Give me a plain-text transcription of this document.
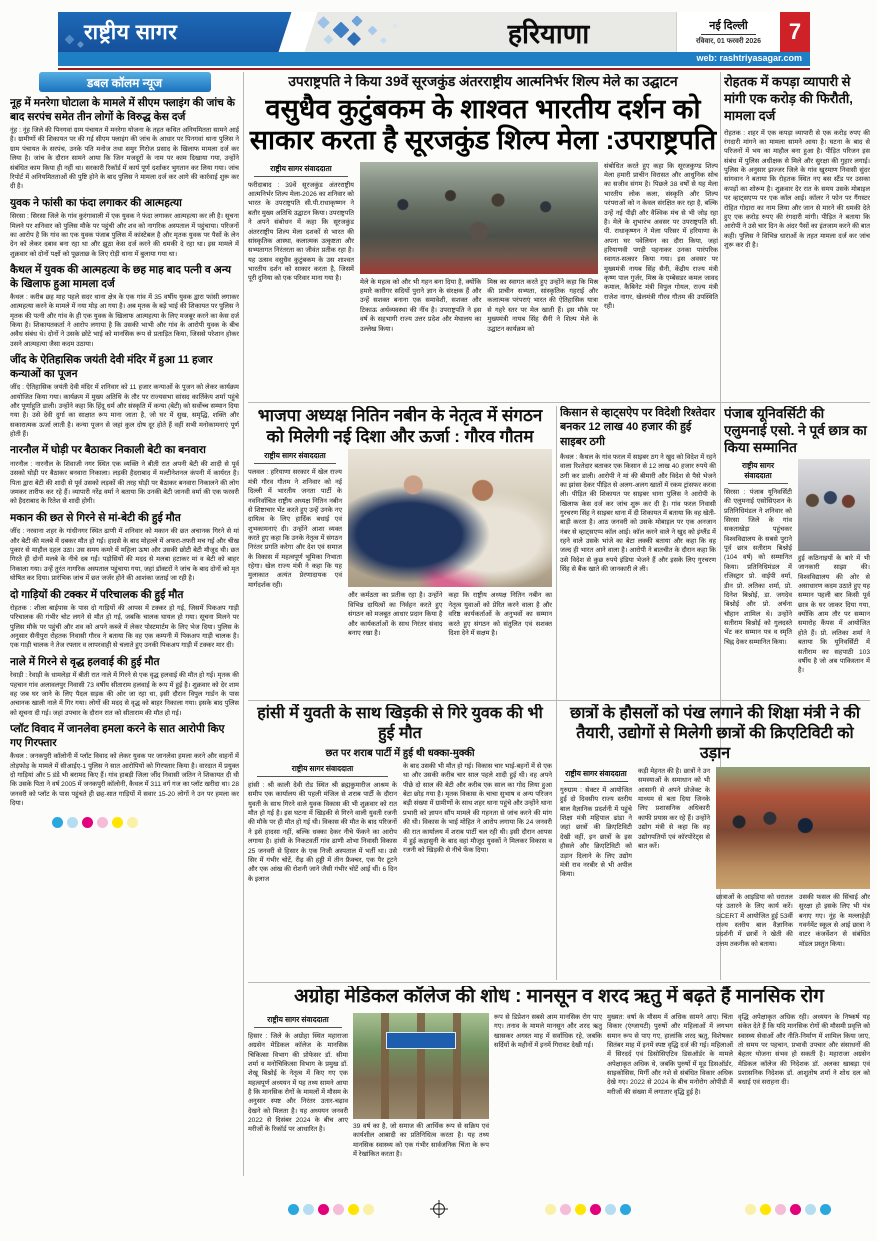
राष्ट्रीय सागर	हरियाणा	नई दिल्ली
रविवार, 01 फरवरी 2026	7
web: rashtriyasagar.com
डबल कॉलम न्यूज
नूह में मनरेगा घोटाला के मामले में सीएम फ्लाइंग की जांच के बाद सरपंच समेत तीन लोगों के विरुद्ध केस दर्ज

नूंह : नूंह जिले की पिनगवां ग्राम पंचायत में मनरेगा योजना के तहत कथित अनियमितता सामने आई है। ग्रामीणों की शिकायत पर की गई सीएम फ्लाइंग की जांच के आधार पर पिनगवां थाना पुलिस ने ग्राम पंचायत के सरपंच, उनके पति मनोज तथा समुर गिरोज प्रसाद के खिलाफ मामला दर्ज कर लिया है। जांच के दौरान सामने आया कि जिन मजदूरों के नाम पर काम दिखाया गया, उन्होंने संबंधित काम किया ही नहीं था। सरकारी रिकॉर्ड में कार्य पूर्ण दर्शाकर भुगतान कर लिया गया। जांच रिपोर्ट में अनियमितताओं की पुष्टि होने के बाद पुलिस ने मामला दर्ज कर आगे की कार्रवाई शुरू कर दी है।

युवक ने फांसी का फंदा लगाकर की आत्महत्या

सिरसा : सिरसा जिले के गांव कुरंगावाली में एक युवक ने फंदा लगाकर आत्महत्या कर ली है। सूचना मिलने पर शनिवार को पुलिस मौके पर पहुंची और शव को नागरिक अस्पताल में पहुंचाया। परिजनों का आरोप है कि गांव का एक युवक पंजाब पुलिस में कांस्टेबल है और मृतक युवक पर पैसों के लेन देन को लेकर दबाव बना रहा था और झूठा केस दर्ज करने की धमकी दे रहा था। इस मामले में शुक्रवार को दोनों पक्षों को पूछताछ के लिए रोड़ी थाना में बुलाया गया था।

कैथल में युवक की आत्महत्या के छह माह बाद पत्नी व अन्य के खिलाफ हुआ मामला दर्ज

कैथल : करीब छह माह पहले सदर थाना क्षेत्र के एक गांव में 35 वर्षीय युवक द्वारा फांसी लगाकर आत्महत्या करने के मामले में नया मोड़ आ गया है। अब मृतक के बड़े भाई की शिकायत पर पुलिस ने मृतक की पत्नी और गांव के ही एक युवक के खिलाफ आत्महत्या के लिए मजबूर करने का केस दर्ज किया है। शिकायतकर्ता ने आरोप लगाया है कि उसकी भाभी और गांव के आरोपी युवक के बीच अवैध संबंध थे। दोनों ने उसके छोटे भाई को मानसिक रूप से प्रताड़ित किया, जिससे परेशान होकर उसने आत्महत्या जैसा कदम उठाया।

जींद के ऐतिहासिक जयंती देवी मंदिर में हुआ 11 हजार कन्याओं का पूजन

जींद : ऐतिहासिक जयंती देवी मंदिर में शनिवार को 11 हजार कन्याओं के पूजन को लेकर कार्यक्रम आयोजित किया गया। कार्यक्रम में मुख्य अतिथि के तौर पर राज्यसभा सांसद कार्तिकेय शर्मा पहुंचे और पूर्णाहुति डाली। उन्होंने कहा कि हिंदू धर्म और संस्कृति में कन्या (बेटी) को सर्वोच्च सम्मान दिया गया है। उसे देवी दुर्गा का साक्षात रूप माना जाता है, जो घर में सुख, समृद्धि, शक्ति और सकारात्मक ऊर्जा लाती है। कन्या पूजन से जहां कुल दोष दूर होते हैं वहीं सभी मनोकामनाएं पूर्ण होती हैं।

नारनौल में घोड़ी पर बैठाकर निकाली बेटी का बनवारा

नारनौल : नारनौल के शिवाजी नगर स्थित एक व्यक्ति ने बीती रात अपनी बेटी की शादी से पूर्व उसको घोड़ी पर बैठाकर बनवारा निकाला। लड़की हैदराबाद में मल्टीनेशनल कंपनी में कार्यरत है। पिता द्वारा बेटी की शादी से पूर्व उसको लड़कों की तरह घोड़ी पर बैठाकर बनवारा निकालने की लोग जमकर तारीफ कर रहे हैं। व्यापारी नरेंद्र वर्मा ने बताया कि उनकी बेटी जानवी वर्मा की एक फरवरी को हैदराबाद के रितेश से शादी होगी।

मकान की छत से गिरने से मां-बेटी की हुई मौत

जींद : नरवाना शहर के गांधीनगर स्थित ढाणी में शनिवार को मकान की छत अचानक गिरने से मां और बेटी की मलबे में दबकर मौत हो गई। हादसे के बाद मोहल्ले में अफरा-तफरी मच गई और चीख पुकार से माहौल दहल उठा। उस समय कमरे में महिला ऊषा और उसकी छोटी बेटी मौजूद थी। छत गिरते ही दोनों मलबे के नीचे दब गईं। पड़ोसियों की मदद से मलबा हटाकर मां व बेटी को बाहर निकाला गया। उन्हें तुरंत नागरिक अस्पताल पहुंचाया गया, जहां डॉक्टरों ने जांच के बाद दोनों को मृत घोषित कर दिया। प्रारंभिक जांच में छत जर्जर होने की आशंका जताई जा रही है।

दो गाड़ियों की टक्कर में परिचालक की हुई मौत

रोहतक : शीला बाईपास के पास दो गाड़ियों की आपस में टक्कर हो गई, जिसमें पिकअप गाड़ी परिचालक की गंभीर चोट लगने से मौत हो गई, जबकि चालक घायल हो गया। सूचना मिलने पर पुलिस मौके पर पहुंची और शव को अपने कब्जे में लेकर पोस्टमार्टम के लिए भेज दिया। पुलिस के अनुसार सैनीपुरा रोहतक निवासी गौरव ने बताया कि वह एक कम्पनी में पिकअप गाड़ी चालक है। एक गाड़ी चालक ने तेज रफ्तार व लापरवाही से चलाते हुए उनकी पिकअप गाड़ी में टक्कर मार दी।

नाले में गिरने से वृद्ध हलवाई की हुई मौत

रेवाड़ी : रेवाड़ी के धामलेड़ा में बीती रात नाले में गिरने से एक वृद्ध हलवाई की मौत हो गई। मृतक की पहचान गांव अलावलपुर निवासी 73 वर्षीय सीताराम हलवाई के रूप में हुई है। शुक्रवार को देर शाम वह जब घर जाने के लिए पैदल सड़क की ओर जा रहा था, इसी दौरान विपुल गार्डन के पास अचानक खाली नाले में गिर गया। लोगों की मदद से वृद्ध को बाहर निकाला गया। इसके बाद पुलिस को सूचना दी गई। जहां उपचार के दौरान रात को सीताराम की मौत हो गई।

प्लॉट विवाद में जानलेवा हमला करने के सात आरोपी किए गए गिरफ्तार

कैथल : जनकपुरी कॉलोनी में प्लॉट विवाद को लेकर युवक पर जानलेवा हमला करने और वाहनों में तोड़फोड़ के मामले में सीआईए-1 पुलिस ने सात आरोपियों को गिरफ्तार किया है। वारदात में प्रयुक्त दो गाड़ियां और 5 डंडे भी बरामद किए हैं। गांव हाबड़ी जिला जींद निवासी जतिन ने शिकायत दी थी कि उसके पिता ने वर्ष 2005 में जनकपुरी कॉलोनी, कैथल में 311 वर्ग गज का प्लॉट खरीदा था। 28 जनवरी को प्लॉट के पास पहुंचते ही छह-सात गाड़ियों में सवार 15-20 लोगों ने उन पर हमला कर दिया।

उपराष्ट्रपति ने किया 39वें सूरजकुंड अंतरराष्ट्रीय आत्मनिर्भर शिल्प मेले का उद्घाटन
वसुधैव कुटुंबकम के शाश्वत भारतीय दर्शन को साकार करता है सूरजकुंड शिल्प मेला :उपराष्ट्रपति
राष्ट्रीय सागर संवाददाता

फरीदाबाद : 39वें सूरजकुंड अंतरराष्ट्रीय आत्मनिर्भर शिल्प मेला-2026 का शनिवार को भारत के उपराष्ट्रपति सी.पी.राधाकृष्णन ने बतौर मुख्य अतिथि उद्घाटन किया। उपराष्ट्रपति ने अपने संबोधन में कहा कि सूरजकुंड अंतरराष्ट्रीय शिल्प मेला दशकों से भारत की सांस्कृतिक आस्था, कलात्मक उत्कृष्टता और सभ्यतागत निरंतरता का जीवंत प्रतीक रहा है। यह उत्सव वसुधैव कुटुंबकम के उस शाश्वत भारतीय दर्शन को साकार करता है, जिसमें पूरी दुनिया को एक परिवार माना गया है।	मेले के महत्व को और भी गहन बना दिया है, क्योंकि हमारे कारीगर सदियों पुराने ज्ञान के संरक्षक हैं और उन्हें सशक्त बनाना एक समावेशी, सशक्त और टिकाऊ अर्थव्यवस्था की नींव है। उपराष्ट्रपति ने इस वर्ष के सहभागी राज्य उत्तर प्रदेश और मेघालय का उल्लेख किया।

मिस्र का स्वागत करते हुए उन्होंने कहा कि मिस्र की प्राचीन सभ्यता, सांस्कृतिक गहराई और कलात्मक परंपराएं भारत की ऐतिहासिक यात्रा से गहरे स्तर पर मेल खाती हैं। इस मौके पर मुख्यमंत्री नायब सिंह सैनी ने शिल्प मेले के उद्घाटन कार्यक्रम को

संबोधित करते हुए कहा कि सूरजकुण्ड शिल्प मेला हमारी प्राचीन विरासत और आधुनिक सोच का सजीव संगम है। पिछले 38 वर्षों से यह मेला भारतीय लोक कला, संस्कृति और शिल्प परंपराओं को न केवल संरक्षित कर रहा है, बल्कि उन्हें नई पीढ़ी और वैश्विक मंच से भी जोड़ रहा है। मेले के शुभारंभ अवसर पर उपराष्ट्रपति सी. पी. राधाकृष्णन ने मेला परिसर में हरियाणा के अपना घर पवेलियन का दौरा किया, जहां हरियाणवी पगड़ी पहनाकर उनका पारंपरिक स्वागत-सत्कार किया गया। इस अवसर पर मुख्यमंत्री नायब सिंह सैनी, केंद्रीय राज्य मंत्री कृष्ण पाल गुर्जर, मिस्र के एम्बेसडर कमल जावद कमाल, कैबिनेट मंत्री विपुल गोयल, राज्य मंत्री राजेश नागर, खेलमंत्री गौरव गौतम की उपस्थिति रही।

रोहतक में कपड़ा व्यापारी से मांगी एक करोड़ की फिरौती, मामला दर्ज

रोहतक : शहर में एक कपड़ा व्यापारी से एक करोड़ रुपए की रंगदारी मांगने का मामला सामने आया है। घटना के बाद से परिजनों में भय का माहौल बना हुआ है। पीड़ित परिजन इस संबंध में पुलिस अधीक्षक से मिले और सुरक्षा की गुहार लगाई। पुलिस के अनुसार झज्जर जिले के गांव खुरमाण निवासी सुंदर सांगवान ने बताया कि रोहतक स्थित नए बस स्टैंड पर उसका कपड़ों का शोरूम है। शुक्रवार देर रात के समय उसके मोबाइल पर व्हाट्सएप्प पर एक कॉल आई। कॉलर ने फोन पर गैंगस्टर रोहित गोदारा का नाम लिया और जान से मारने की धमकी देते हुए एक करोड़ रुपए की रंगदारी मांगी। पीड़ित ने बताया कि आरोपी ने उसे चार दिन के अंदर पैसों का इंतजाम करने की बात कही। पुलिस ने विभिन्न धाराओं के तहत मामला दर्ज कर जांच शुरू कर दी है।

भाजपा अध्यक्ष नितिन नबीन के नेतृत्व में संगठन को मिलेगी नई दिशा और ऊर्जा : गौरव गौतम
राष्ट्रीय सागर संवाददाता

पलवल : हरियाणा सरकार में खेल राज्य मंत्री गौरव गौतम ने शनिवार को नई दिल्ली में भारतीय जनता पार्टी के नवनिर्वाचित राष्ट्रीय अध्यक्ष नितिन नबीन से शिष्टाचार भेंट करते हुए उन्हें उनके नए दायित्व के लिए हार्दिक बधाई एवं शुभकामनाएं दी। उन्होंने आशा व्यक्त करते हुए कहा कि उनके नेतृत्व में संगठन निरंतर प्रगति करेगा और देश एवं समाज के विकास में महत्वपूर्ण भूमिका निभाता रहेगा। खेल राज्य मंत्री ने कहा कि यह मुलाकात अत्यंत प्रेरणादायक एवं मार्गदर्शक रही।

और कर्मठता का प्रतीक रहा है। उन्होंने विभिन्न दायित्वों का निर्वहन करते हुए संगठन को मजबूत आधार प्रदान किया है और कार्यकर्ताओं के साथ निरंतर संवाद बनाए रखा है।

कहा कि राष्ट्रीय अध्यक्ष नितिन नबीन का नेतृत्व युवाओं को प्रेरित करने वाला है और वरिष्ठ कार्यकर्ताओं के अनुभवों का सम्मान करते हुए संगठन को संतुलित एवं सशक्त दिशा देने में सक्षम है।

किसान से व्हाट्सऐप पर विदेशी रिश्तेदार बनकर 12 लाख 40 हजार की हुई साइबर ठगी

कैथल : कैथल के गांव फरल में साइबर ठग ने खुद को विदेश में रहने वाला रिश्तेदार बताकर एक किसान से 12 लाख 40 हजार रुपये की ठगी कर डाली। आरोपी ने मां की बीमारी और विदेश से पैसे भेजने का झांसा देकर पीड़ित से अलग-अलग खातों में रकम ट्रांसफर करवा ली। पीड़ित की शिकायत पर साइबर थाना पुलिस ने आरोपी के खिलाफ केस दर्ज कर जांच शुरू कर दी है। गांव फरल निवासी गुरचरण सिंह ने साइबर थाना में दी शिकायत में बताया कि वह खेती-बाड़ी करता है। आठ जनवरी को उसके मोबाइल पर एक अनजान नंबर से व्हाट्सएप्प कॉल आई। कॉल करने वाले ने खुद को इंग्लैंड में रहने वाले उसके भांजे का बेटा लक्की बताया और कहा कि वह जल्द ही भारत आने वाला है। आरोपी ने बातचीत के दौरान कहा कि उसे विदेश से कुछ रुपये इंडिया भेजने हैं और इसके लिए गुरचरण सिंह से बैंक खाते की जानकारी ले ली।

पंजाब यूनिवर्सिटी की एलुमनाई एसो. ने पूर्व छात्र का किया सम्मानित
राष्ट्रीय सागर संवाददाता

सिरसा : पंजाब यूनिवर्सिटी की एलुमनाई एसोसिएशन के प्रतिनिधिमंडल ने शनिवार को सिरसा जिले के गांव सकताखेड़ा पहुंचकर विश्वविद्यालय के सबसे पुराने पूर्व छात्र सतीराम बिश्नोई (104 वर्ष) को सम्मानित किया। प्रतिनिधिमंडल में रजिस्ट्रार प्रो. वाईपी वर्मा, डीन प्रो. लतिका शर्मा, प्रो. दिनेश बिश्नोई, डा. जगदेव बिश्नोई और प्रो. अर्चना चौहान शामिल थे। उन्होंने सतीराम बिश्नोई को गुलदस्ते भेंट कर सम्मान पत्र व स्मृति चिह्न देकर सम्मानित किया।

हुई कठिनाइयों के बारे में भी जानकारी साझा की। विश्वविद्यालय की ओर से असाधारण कदम उठाते हुए यह सम्मान पहली बार किसी पूर्व छात्र के घर जाकर दिया गया, क्योंकि आम तौर पर सम्मान समारोह कैंपस में आयोजित होते हैं। प्रो. लतिका शर्मा ने बताया कि यूनिवर्सिटी में सतीराम का सहपाठी 103 वर्षीय है जो अब पाकिस्तान में है।

हांसी में युवती के साथ खिड़की से गिरे युवक की भी हुई मौत
छत पर शराब पार्टी में हुई थी धक्का-मुक्की
राष्ट्रीय सागर संवाददाता

हांसी : श्री काली देवी रोड स्थित श्री ब्रह्मकुमारीज आश्रम के समीप एक कार्यालय की पहली मंजिल से शराब पार्टी के दौरान युवती के साथ गिरने वाले युवक विकास की भी शुक्रवार को रात मौत हो गई है। इस घटना में खिड़की से गिरने वाली युवती रजनी की मौके पर ही मौत हो गई थी। विकास की मौत के बाद परिजनों ने इसे हादसा नहीं, बल्कि धक्का देकर नीचे फेंकने का आरोप लगाया है। हांसी के निकटवर्ती गांव ढाणी शोभा निवासी विकास 25 जनवरी से हिसार के एक निजी अस्पताल में भर्ती था। उसे सिर में गंभीर चोटें, रीढ़ की हड्डी में तीन फ्रैक्चर, एक पैर टूटने और एक आंख की रोशनी जाने जैसी गंभीर चोटें आई थीं। 6 दिन के इलाज

के बाद उसकी भी मौत हो गई। विकास चार भाई-बहनों में से एक था और उसकी करीब चार साल पहले शादी हुई थी। वह अपने पीछे दो साल की बेटी और करीब एक साल का गोद लिया हुआ बेटा छोड़ गया है। मृतक विकास के चाचा सुभाष व अन्य परिजन बड़ी संख्या में ग्रामीणों के साथ शहर थाना पहुंचे और उन्होंने थाना प्रभारी को ज्ञापन सौंप मामले की गहनता से जांच करने की मांग की थी। विकास के भाई मोहित ने आरोप लगाया कि 24 जनवरी की रात कार्यालय में शराब पार्टी चल रही थी। इसी दौरान आपस में हुई कहासुनी के बाद वहां मौजूद युवकों ने मिलकर विकास व रजनी को खिड़की से नीचे फेंक दिया।

छात्रों के हौसलों को पंख लगाने की शिक्षा मंत्री ने की तैयारी, उद्योगों से मिलेगी छात्रों की क्रिएटिविटी को उड़ान
राष्ट्रीय सागर संवाददाता

गुरुग्राम : सेक्टर में आयोजित हुई दो दिवसीय राज्य स्तरीय बाल वैज्ञानिक प्रदर्शनी में पहुंचे शिक्षा मंत्री महिपाल ढांडा ने जहां छात्रों की क्रिएटिविटी देखी वहीं, इन छात्रों के इस हौसले और क्रिएटिविटी को उड़ान दिलाने के लिए उद्योग मंत्री राव नरबीर से भी अपील किया।

कड़ी मेहनत की है। छात्रों ने उन समस्याओं के समाधान को भी आसानी से अपने प्रोजेक्ट के माध्यम से बता दिया जिनके लिए प्रशासनिक अधिकारी काफी प्रयास कर रहे हैं। उन्होंने उद्योग मंत्री से कहा कि वह उद्योगपतियों एवं कॉरपोरेट्स से बात करें।

छात्राओं के आइडिया को धरातल पर उतारने के लिए कार्य करें। SCERT में आयोजित हुई 53वीं राज्य स्तरीय बाल वैज्ञानिक प्रदर्शनी में छात्रों ने खेती की उत्तम तकनीक को बताया।

उसकी फसल की सिंचाई और सुरक्षा हो इसके लिए भी यंत्र बनाए गए। नूंह के मल्लाहेड़ी गवर्नमेंट स्कूल से आई छात्रा ने वाटर कंजर्वेशन से संबंधित मॉडल प्रस्तुत किया।

अग्रोहा मेडिकल कॉलेज की शोध : मानसून व शरद ऋतु में बढ़ते हैं मानसिक रोग
राष्ट्रीय सागर संवाददाता

हिसार : जिले के अग्रोहा स्थित महाराजा अग्रसेन मेडिकल कॉलेज के मानसिक चिकित्सा विभाग की प्रोफेसर डॉ. सीमा शर्मा व मनोचिकित्सा विभाग के प्रमुख डॉ. शेखू बिश्नोई के नेतृत्व में किए गए एक महत्वपूर्ण अध्ययन में यह तथ्य सामने आया है कि मानसिक रोगों के मामलों में मौसम के अनुसार स्पष्ट और निरंतर उतार-चढ़ाव देखने को मिलता है। यह अध्ययन जनवरी 2022 से दिसंबर 2024 के बीच आए मरीजों के रिकॉर्ड पर आधारित है।

39 वर्ष का है, जो समाज की आर्थिक रूप से सक्रिय एवं कार्यशील आबादी का प्रतिनिधित्व करता है। यह तथ्य मानसिक स्वास्थ्य को एक गंभीर सार्वजनिक चिंता के रूप में रेखांकित करता है।

रूप से डिप्रेशन सबसे आम मानसिक रोग पाए गए। तनाव के मामले मानसून और शरद ऋतु खासकर अगस्त माह में सर्वाधिक रहे, जबकि सर्दियों के महीनों में इनमें गिरावट देखी गई।

मुख्यत: वर्षा के मौसम में अधिक सामने आए। चिंता विकार (एंग्जायटी) पुरुषों और महिलाओं में लगभग समान रूप से पाए गए, हालांकि शरद ऋतु, विशेषकर सितंबर माह में इनमें स्पष्ट वृद्धि दर्ज की गई। महिलाओं में सिरदर्द एवं डिसोसिएटिव डिसऑर्डर के मामले अपेक्षाकृत अधिक थे, जबकि पुरुषों में मूड डिसऑर्डर, साइकोसिस, मिर्गी और नशे से संबंधित विकार अधिक देखे गए। 2022 से 2024 के बीच मनोरोग ओपीडी में मरीजों की संख्या में लगातार वृद्धि हुई है।

वृद्धि अपेक्षाकृत अधिक रही। अध्ययन के निष्कर्ष यह संकेत देते हैं कि यदि मानसिक रोगों की मौसमी प्रवृत्ति को स्वास्थ्य सेवाओं और नीति-निर्माण में शामिल किया जाए, तो समय पर पहचान, प्रभावी उपचार और संसाधनों की बेहतर योजना संभव हो सकती है। महाराजा अग्रसेन मेडिकल कॉलेज की निदेशक डॉ. अलका खाबड़ा एवं प्रशासनिक निदेशक डॉ. आशुतोष शर्मा ने शोध दल को बधाई एवं सराहना दी।
